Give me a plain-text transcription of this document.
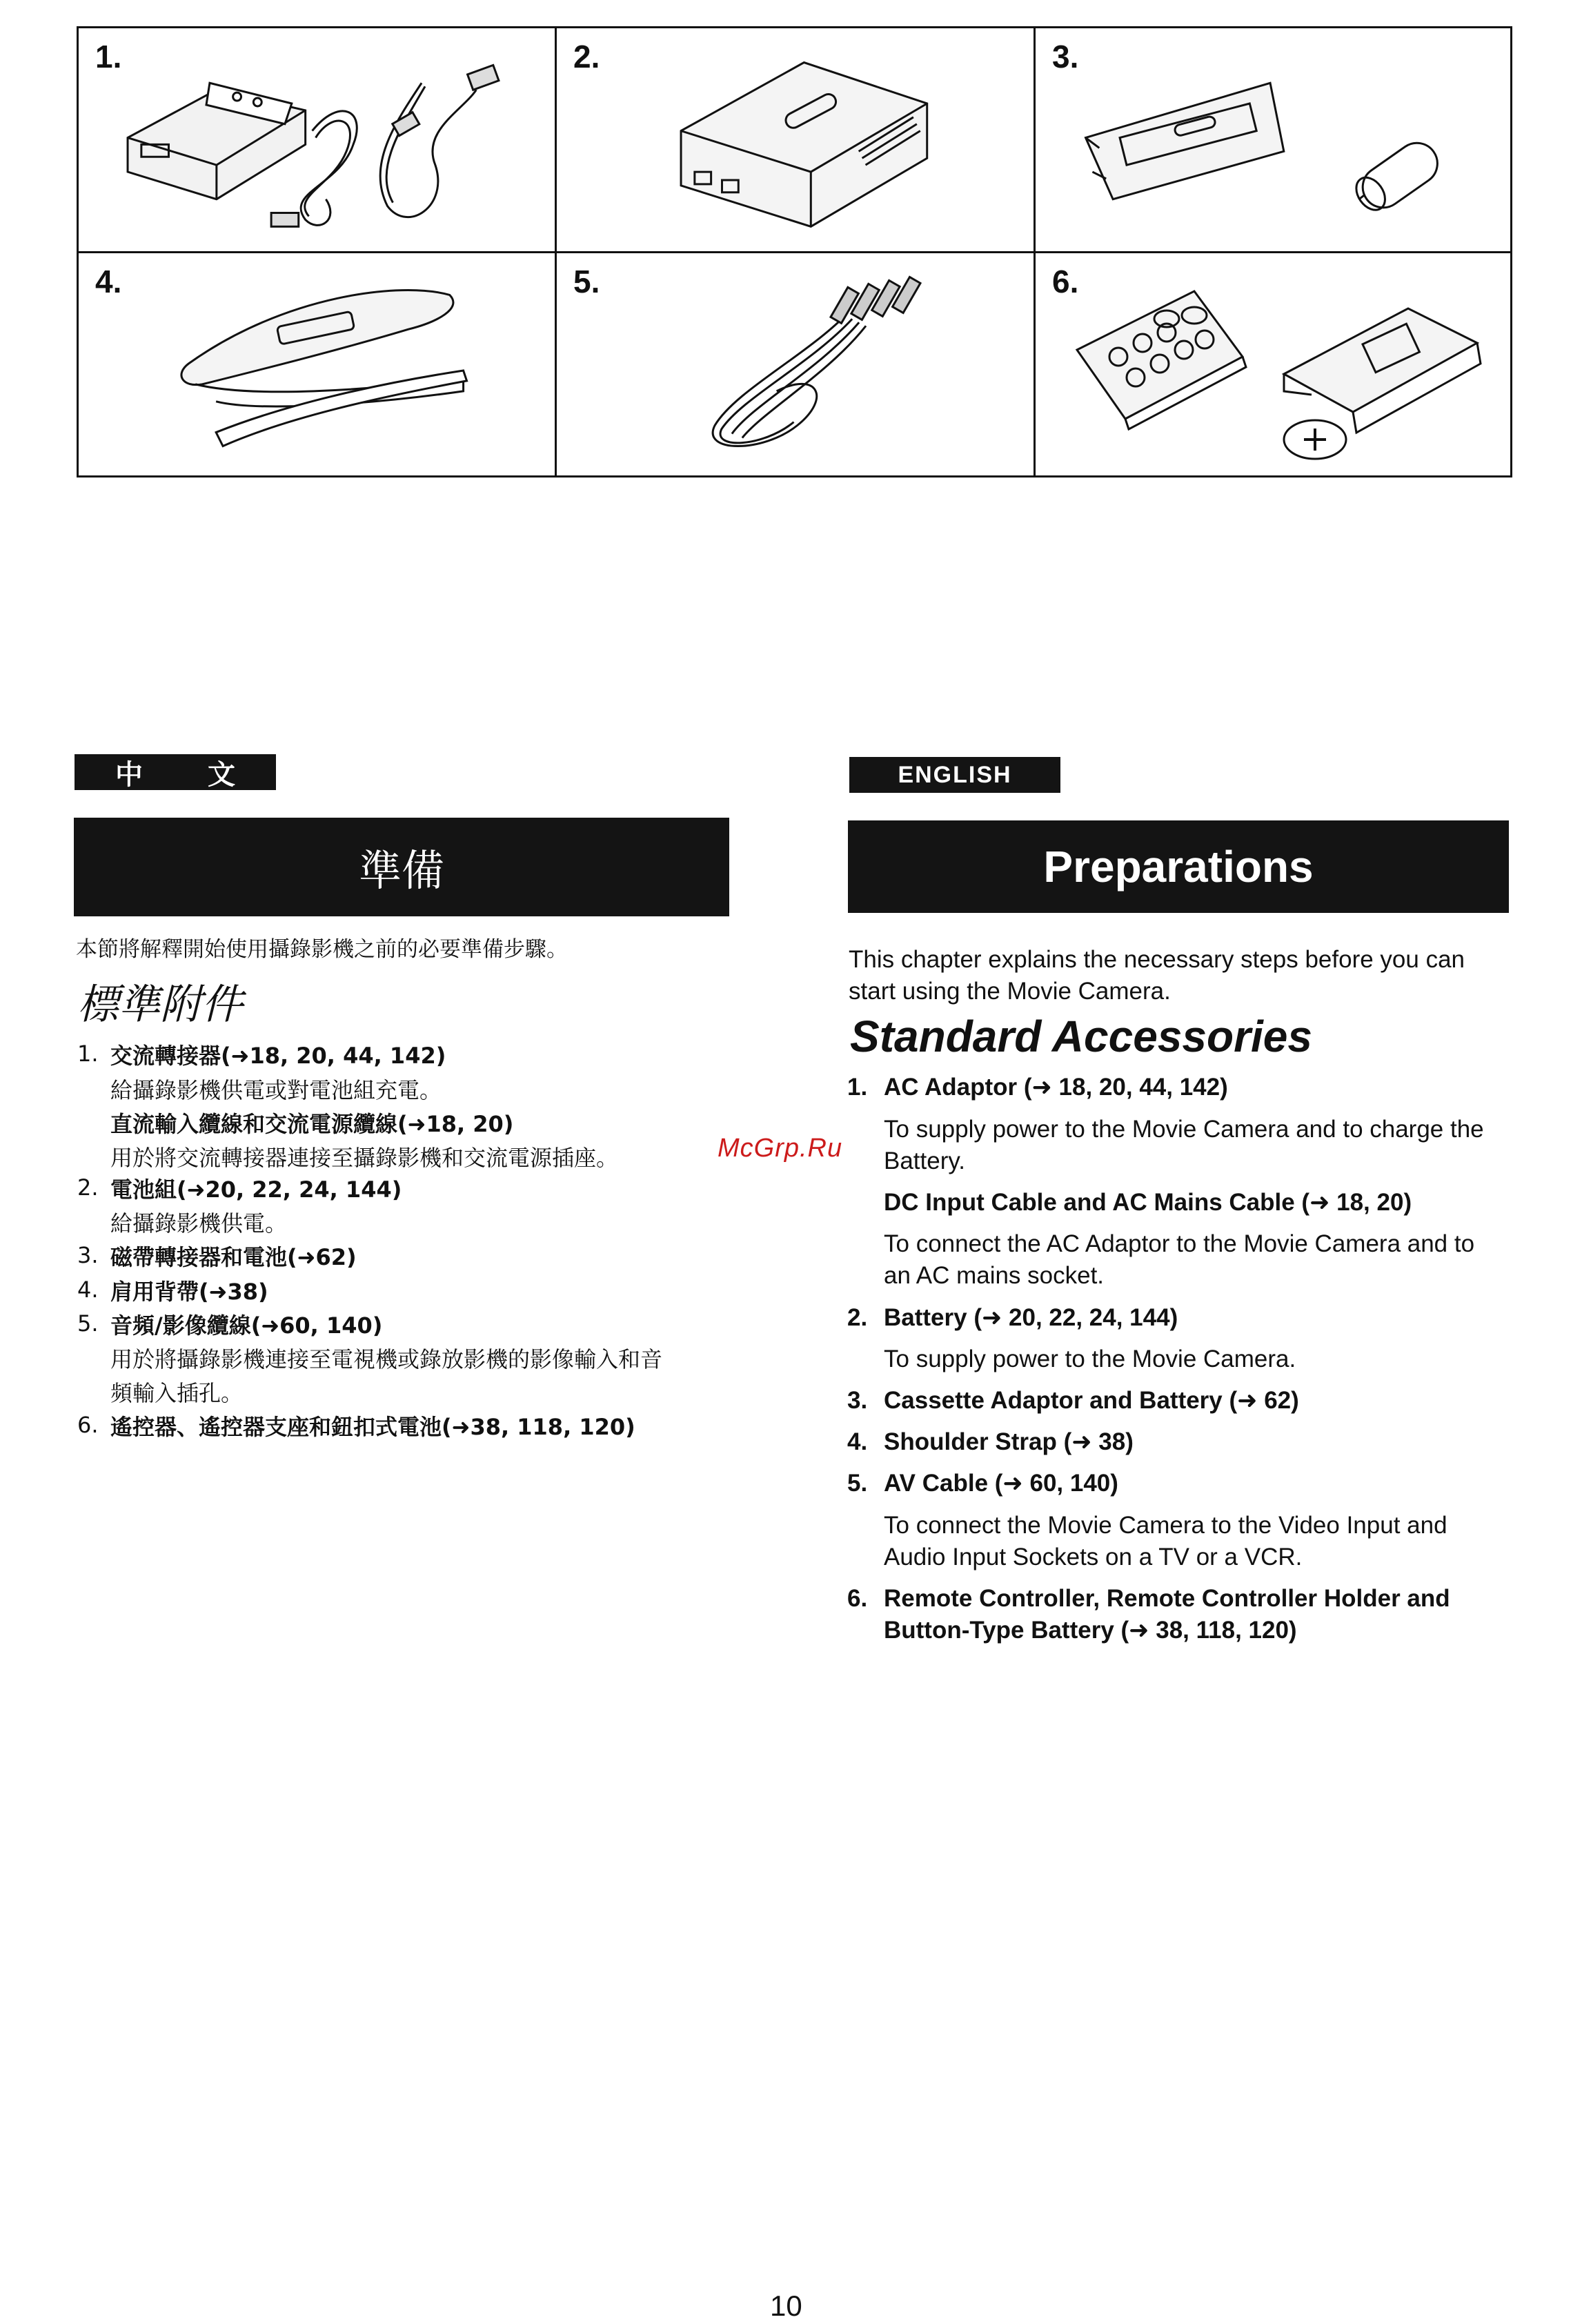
1.	2.	3.
4.	5.	6.
中 文	ENGLISH
準備	Preparations
本節將解釋開始使用攝錄影機之前的必要準備步驟。
標準附件
1. 交流轉接器(➜18, 20, 44, 142)
給攝錄影機供電或對電池組充電。
直流輸入纜線和交流電源纜線(➜18, 20)
用於將交流轉接器連接至攝錄影機和交流電源插座。
2. 電池組(➜20, 22, 24, 144)
給攝錄影機供電。
3. 磁帶轉接器和電池(➜62)
4. 肩用背帶(➜38)
5. 音頻/影像纜線(➜60, 140)
用於將攝錄影機連接至電視機或錄放影機的影像輸入和音
頻輸入插孔。
6. 遙控器、遙控器支座和鈕扣式電池(➜38, 118, 120)
McGrp.Ru
This chapter explains the necessary steps before you can start using the Movie Camera.
Standard Accessories
1. AC Adaptor (➜ 18, 20, 44, 142)
To supply power to the Movie Camera and to charge the Battery.
DC Input Cable and AC Mains Cable (➜ 18, 20)
To connect the AC Adaptor to the Movie Camera and to an AC mains socket.
2. Battery (➜ 20, 22, 24, 144)
To supply power to the Movie Camera.
3. Cassette Adaptor and Battery (➜ 62)
4. Shoulder Strap (➜ 38)
5. AV Cable (➜ 60, 140)
To connect the Movie Camera to the Video Input and Audio Input Sockets on a TV or a VCR.
6. Remote Controller, Remote Controller Holder and Button-Type Battery (➜ 38, 118, 120)
10
